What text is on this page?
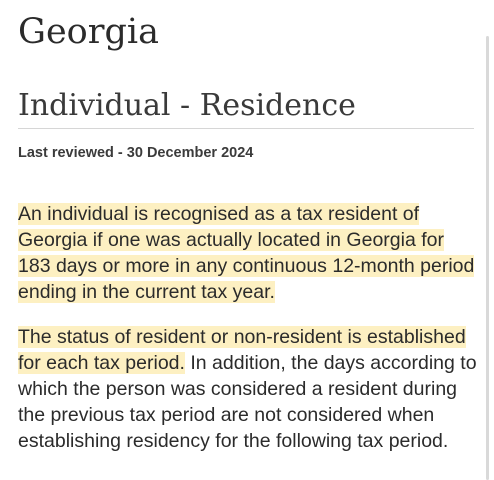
Georgia
Individual - Residence

Last reviewed - 30 December 2024

An individual is recognised as a tax resident of Georgia if one was actually located in Georgia for 183 days or more in any continuous 12-month period ending in the current tax year.

The status of resident or non-resident is established for each tax period. In addition, the days according to which the person was considered a resident during the previous tax period are not considered when establishing residency for the following tax period.
